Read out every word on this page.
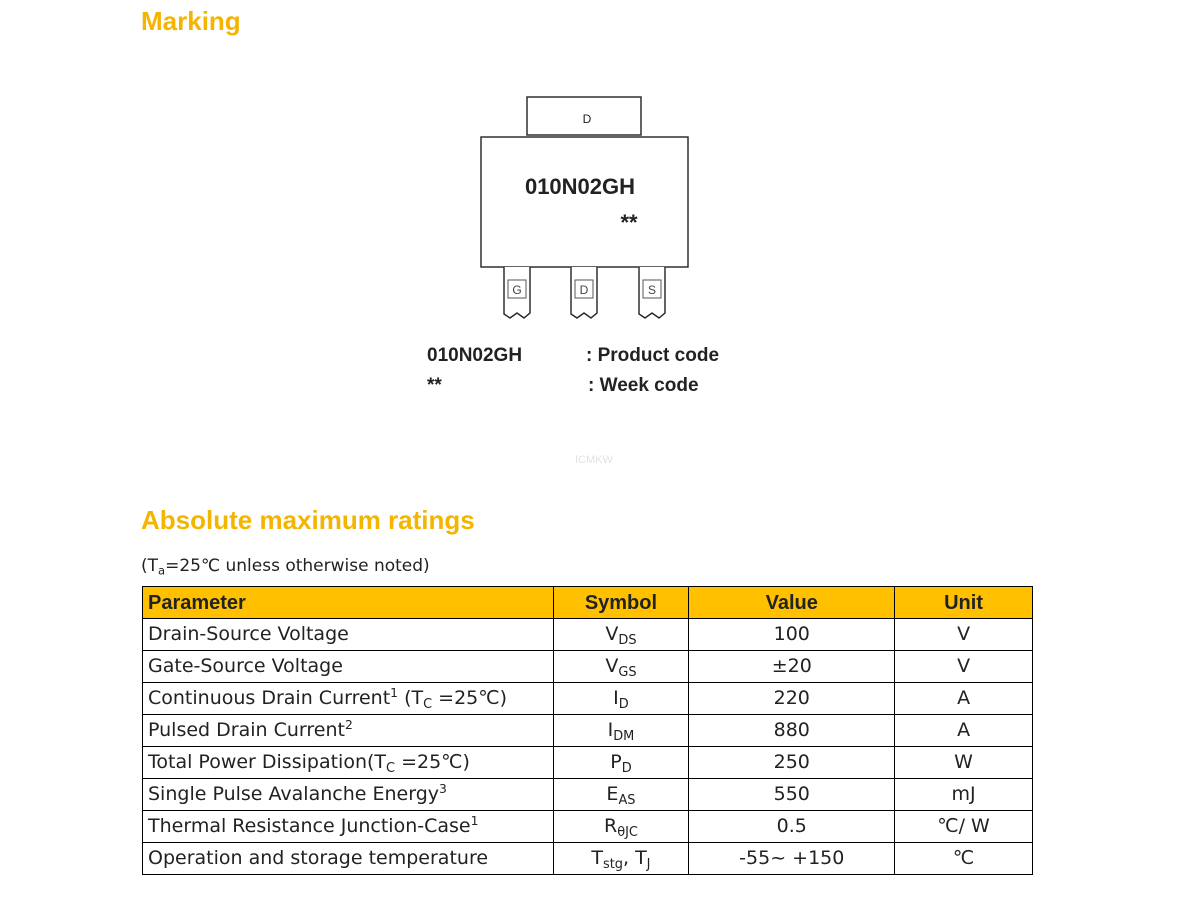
Marking
D
010N02GH
**
G	D	S
010N02GH	: Product code
**	: Week code
ICMKW
Absolute maximum ratings
($T_a=25℃$ unless otherwise noted)
Parameter	Symbol	Value	Unit
Drain-Source Voltage	$V_{DS}$	100	V
Gate-Source Voltage	$V_{GS}$	±20	V
Continuous Drain Current$^1$ ($T_C$ =25℃)	$I_D$	220	A
Pulsed Drain Current$^2$	$I_{DM}$	880	A
Total Power $Dissipation(T_C$ =25℃)	$P_D$	250	W
Single Pulse Avalanche Energy$^3$	$E_{AS}$	550	mJ
Thermal Resistance Junction-Case$^1$	$R_{\theta JC}$	0.5	℃/ W
Operation and storage temperature	$T_{stg}$, $T_J$	-55~ +150	℃
